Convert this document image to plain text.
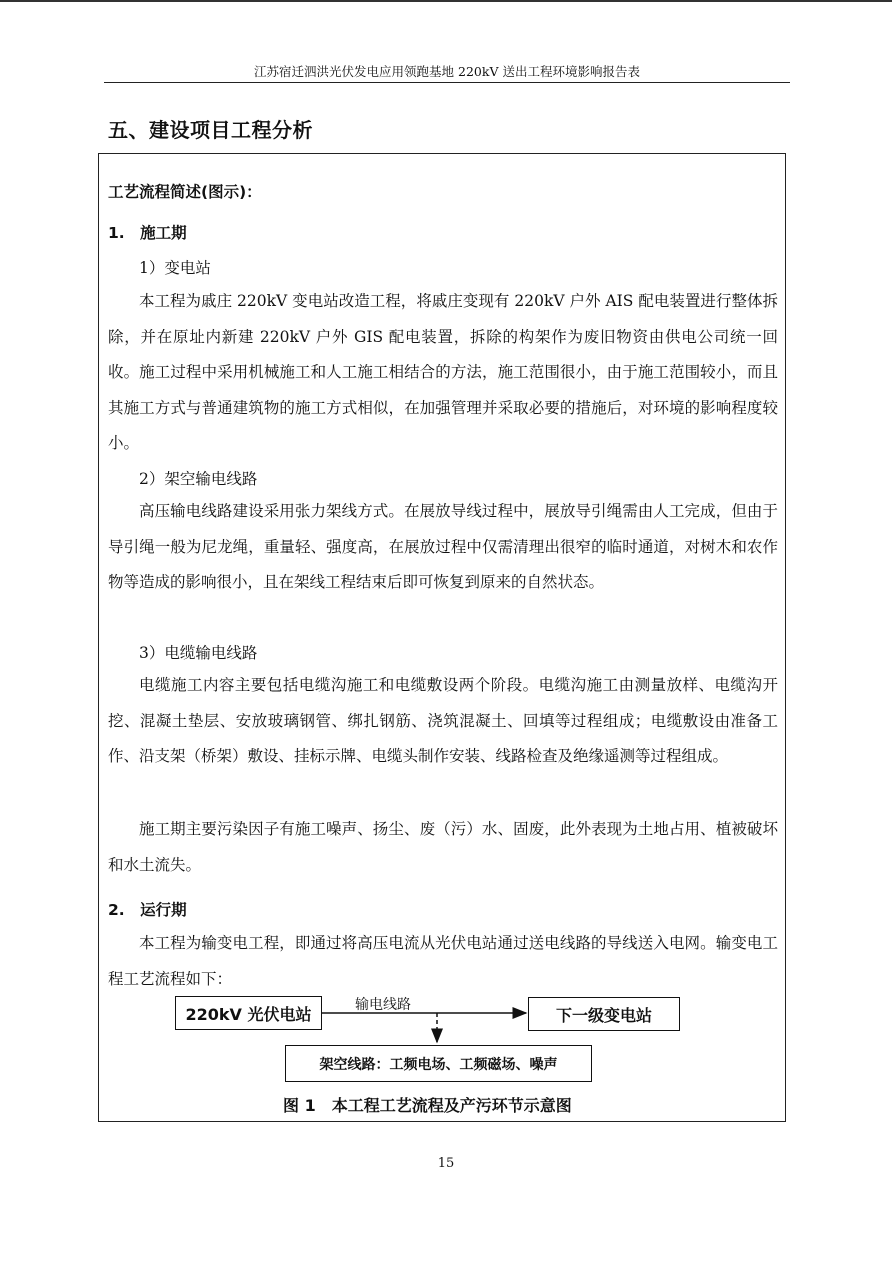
江苏宿迁泗洪光伏发电应用领跑基地 220kV 送出工程环境影响报告表
五、建设项目工程分析
工艺流程简述(图示)：
1.　施工期
1）变电站

本工程为戚庄 220kV 变电站改造工程，将戚庄变现有 220kV 户外 AIS 配电装置进行整体拆除，并在原址内新建 220kV 户外 GIS 配电装置，拆除的构架作为废旧物资由供电公司统一回收。施工过程中采用机械施工和人工施工相结合的方法，施工范围很小，由于施工范围较小，而且其施工方式与普通建筑物的施工方式相似，在加强管理并采取必要的措施后，对环境的影响程度较小。

2）架空输电线路

高压输电线路建设采用张力架线方式。在展放导线过程中，展放导引绳需由人工完成，但由于导引绳一般为尼龙绳，重量轻、强度高，在展放过程中仅需清理出很窄的临时通道，对树木和农作物等造成的影响很小，且在架线工程结束后即可恢复到原来的自然状态。

3）电缆输电线路

电缆施工内容主要包括电缆沟施工和电缆敷设两个阶段。电缆沟施工由测量放样、电缆沟开挖、混凝土垫层、安放玻璃钢管、绑扎钢筋、浇筑混凝土、回填等过程组成；电缆敷设由准备工作、沿支架（桥架）敷设、挂标示牌、电缆头制作安装、线路检查及绝缘遥测等过程组成。

施工期主要污染因子有施工噪声、扬尘、废（污）水、固废，此外表现为土地占用、植被破坏和水土流失。

2.　运行期

本工程为输变电工程，即通过将高压电流从光伏电站通过送电线路的导线送入电网。输变电工程工艺流程如下：

220kV 光伏电站	输电线路
下一级变电站
架空线路：工频电场、工频磁场、噪声
图 1　本工程工艺流程及产污环节示意图
15
